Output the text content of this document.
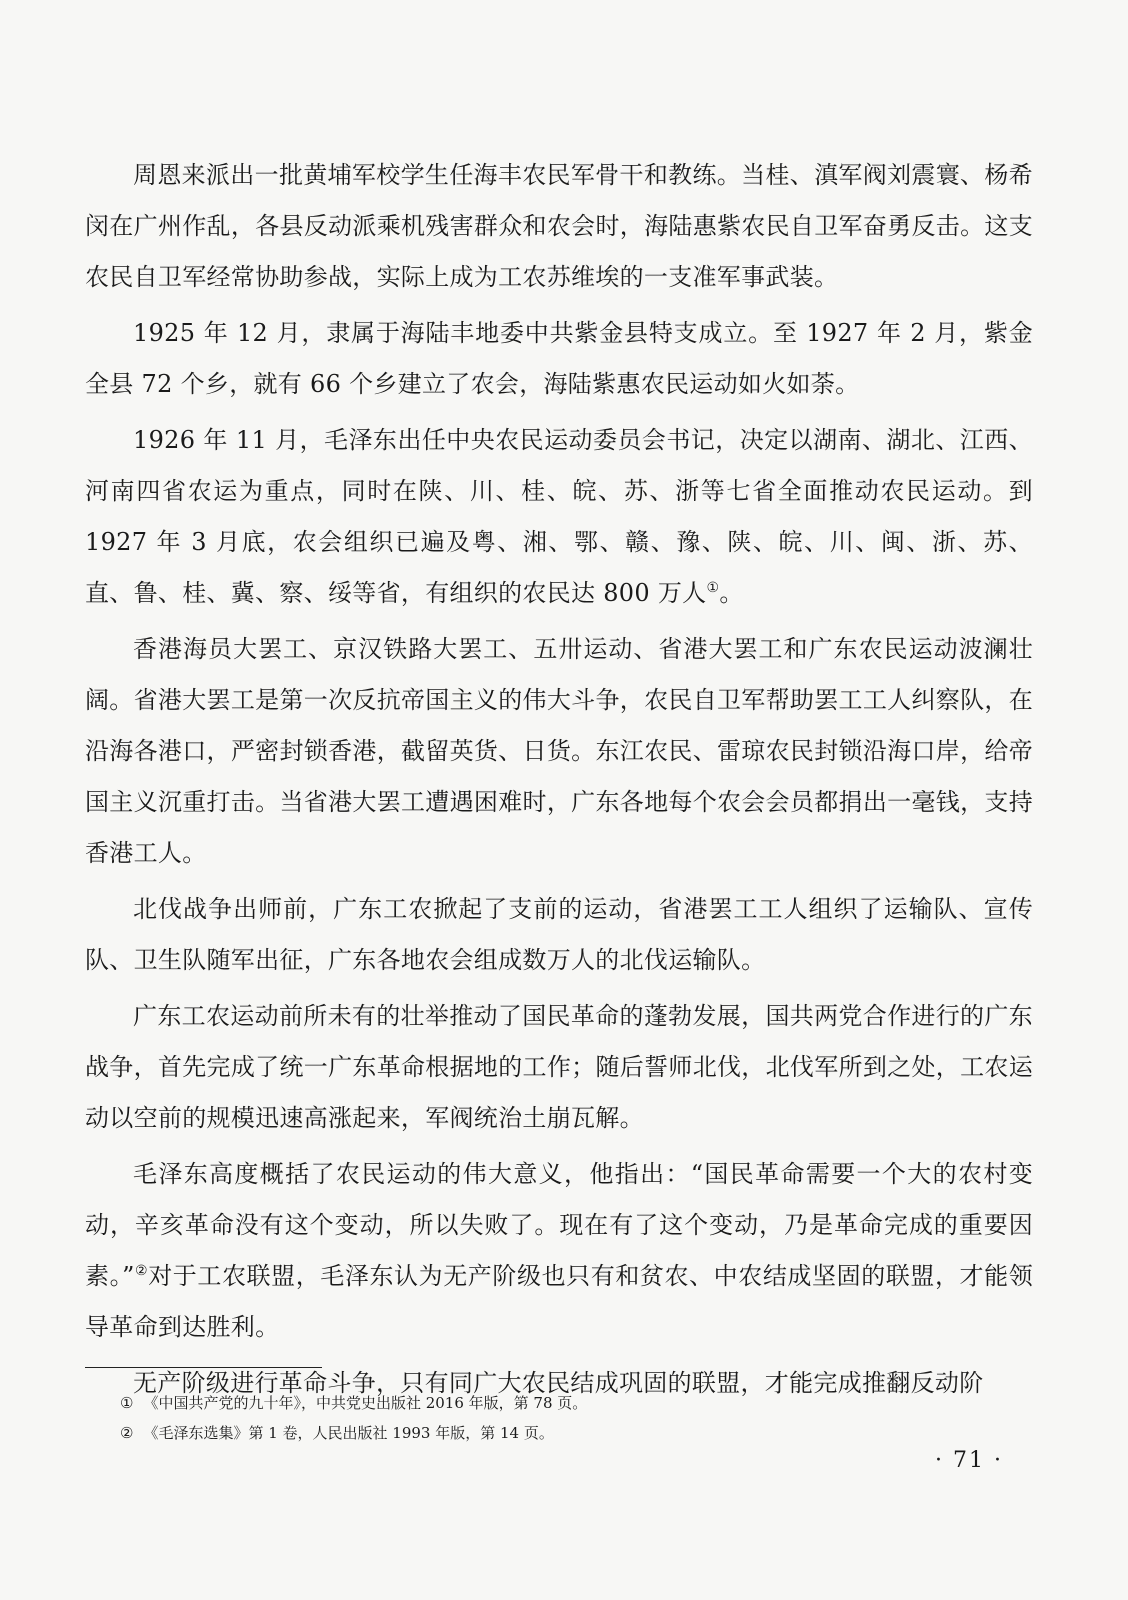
周恩来派出一批黄埔军校学生任海丰农民军骨干和教练。当桂、滇军阀刘震寰、杨希闵在广州作乱，各县反动派乘机残害群众和农会时，海陆惠紫农民自卫军奋勇反击。这支农民自卫军经常协助参战，实际上成为工农苏维埃的一支准军事武装。

1925 年 12 月，隶属于海陆丰地委中共紫金县特支成立。至 1927 年 2 月，紫金全县 72 个乡，就有 66 个乡建立了农会，海陆紫惠农民运动如火如荼。

1926 年 11 月，毛泽东出任中央农民运动委员会书记，决定以湖南、湖北、江西、河南四省农运为重点，同时在陕、川、桂、皖、苏、浙等七省全面推动农民运动。到 1927 年 3 月底，农会组织已遍及粤、湘、鄂、赣、豫、陕、皖、川、闽、浙、苏、直、鲁、桂、冀、察、绥等省，有组织的农民达 800 万人①。

香港海员大罢工、京汉铁路大罢工、五卅运动、省港大罢工和广东农民运动波澜壮阔。省港大罢工是第一次反抗帝国主义的伟大斗争，农民自卫军帮助罢工工人纠察队，在沿海各港口，严密封锁香港，截留英货、日货。东江农民、雷琼农民封锁沿海口岸，给帝国主义沉重打击。当省港大罢工遭遇困难时，广东各地每个农会会员都捐出一毫钱，支持香港工人。

北伐战争出师前，广东工农掀起了支前的运动，省港罢工工人组织了运输队、宣传队、卫生队随军出征，广东各地农会组成数万人的北伐运输队。

广东工农运动前所未有的壮举推动了国民革命的蓬勃发展，国共两党合作进行的广东战争，首先完成了统一广东革命根据地的工作；随后誓师北伐，北伐军所到之处，工农运动以空前的规模迅速高涨起来，军阀统治土崩瓦解。

毛泽东高度概括了农民运动的伟大意义，他指出：“国民革命需要一个大的农村变动，辛亥革命没有这个变动，所以失败了。现在有了这个变动，乃是革命完成的重要因素。”②对于工农联盟，毛泽东认为无产阶级也只有和贫农、中农结成坚固的联盟，才能领导革命到达胜利。

无产阶级进行革命斗争，只有同广大农民结成巩固的联盟，才能完成推翻反动阶

① 《中国共产党的九十年》，中共党史出版社 2016 年版，第 78 页。

② 《毛泽东选集》第 1 卷，人民出版社 1993 年版，第 14 页。

· 71 ·
